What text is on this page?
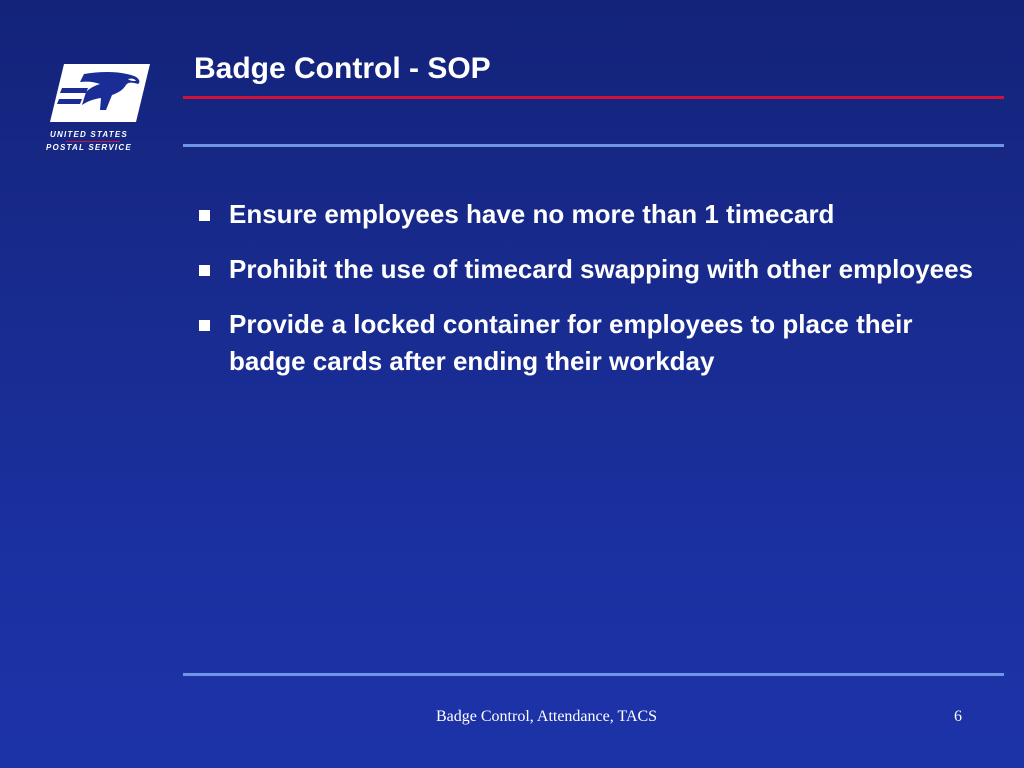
UNITED STATES
POSTAL SERVICE
Badge Control - SOP
Ensure employees have no more than 1 timecard
Prohibit the use of timecard swapping with other employees
Provide a locked container for employees to place their badge cards after ending their workday
Badge Control, Attendance, TACS	6
